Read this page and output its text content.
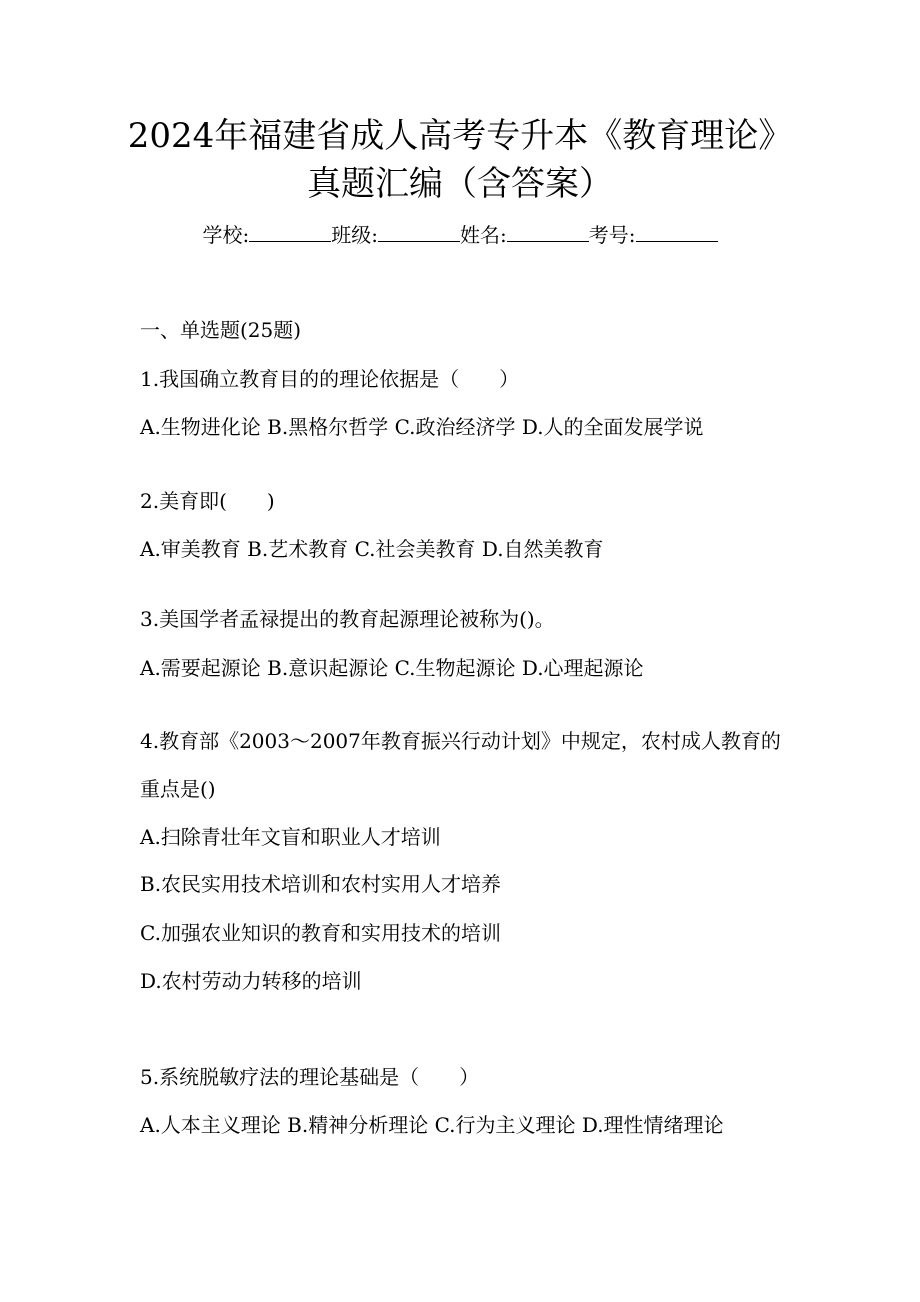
2024年福建省成人高考专升本《教育理论》
真题汇编（含答案）
学校:	班级:	姓名:	考号:
一、单选题(25题)
1.我国确立教育目的的理论依据是（　　）
A.生物进化论 B.黑格尔哲学 C.政治经济学 D.人的全面发展学说
2.美育即(　　)
A.审美教育 B.艺术教育 C.社会美教育 D.自然美教育
3.美国学者孟禄提出的教育起源理论被称为()。
A.需要起源论 B.意识起源论 C.生物起源论 D.心理起源论
4.教育部《2003～2007年教育振兴行动计划》中规定，农村成人教育的
重点是()
A.扫除青壮年文盲和职业人才培训
B.农民实用技术培训和农村实用人才培养
C.加强农业知识的教育和实用技术的培训
D.农村劳动力转移的培训
5.系统脱敏疗法的理论基础是（　　）
A.人本主义理论 B.精神分析理论 C.行为主义理论 D.理性情绪理论
